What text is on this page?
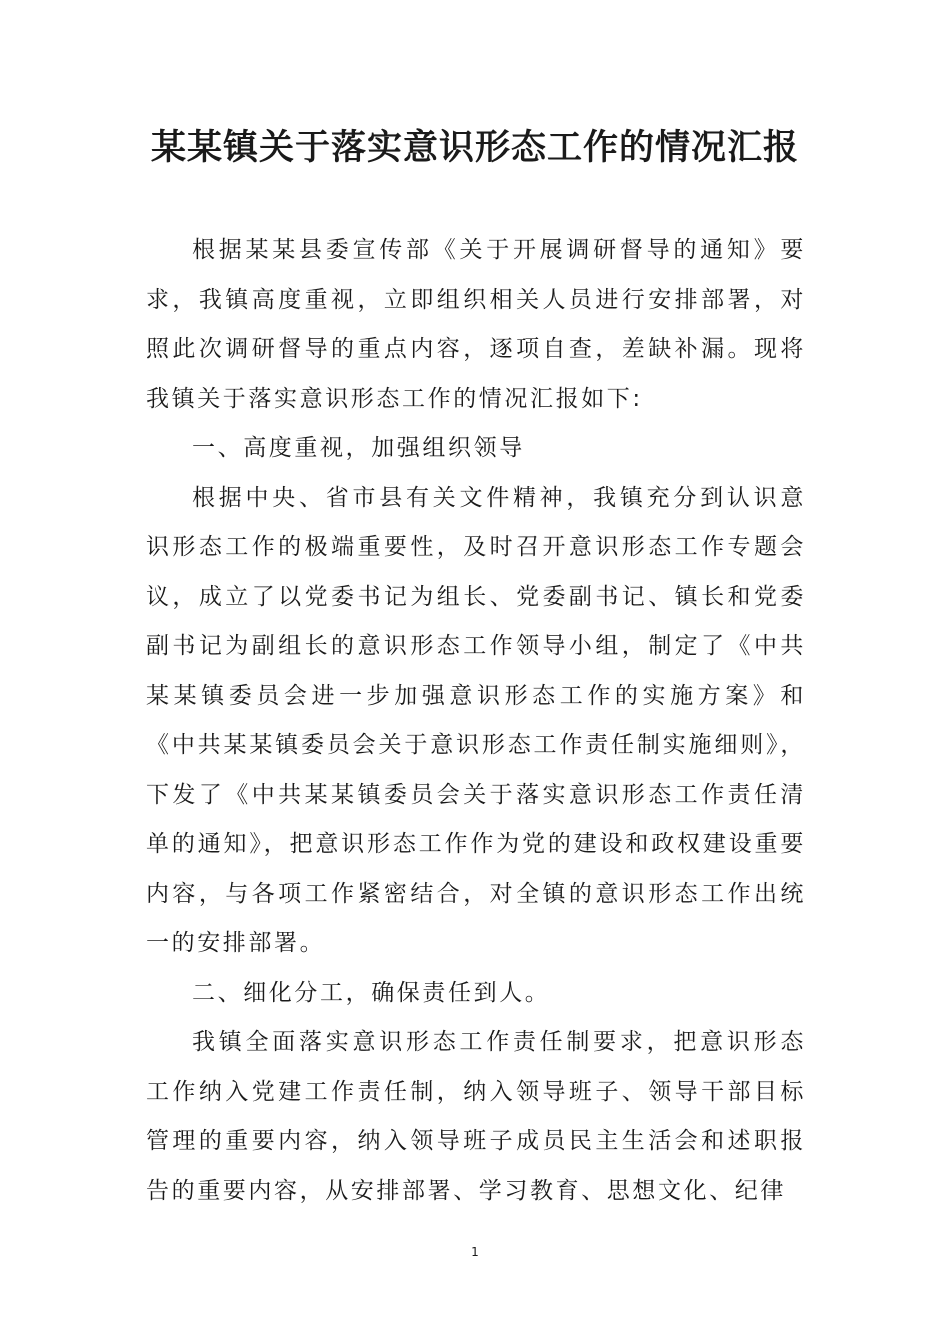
某某镇关于落实意识形态工作的情况汇报

根据某某县委宣传部《关于开展调研督导的通知》要求，我镇高度重视，立即组织相关人员进行安排部署，对照此次调研督导的重点内容，逐项自查，差缺补漏。现将我镇关于落实意识形态工作的情况汇报如下:

一、高度重视，加强组织领导

根据中央、省市县有关文件精神，我镇充分到认识意识形态工作的极端重要性，及时召开意识形态工作专题会议，成立了以党委书记为组长、党委副书记、镇长和党委副书记为副组长的意识形态工作领导小组，制定了《中共某某镇委员会进一步加强意识形态工作的实施方案》和《中共某某镇委员会关于意识形态工作责任制实施细则》，下发了《中共某某镇委员会关于落实意识形态工作责任清单的通知》，把意识形态工作作为党的建设和政权建设重要内容，与各项工作紧密结合，对全镇的意识形态工作出统一的安排部署。

二、细化分工，确保责任到人。

我镇全面落实意识形态工作责任制要求，把意识形态工作纳入党建工作责任制，纳入领导班子、领导干部目标管理的重要内容，纳入领导班子成员民主生活会和述职报告的重要内容，从安排部署、学习教育、思想文化、纪律

1
